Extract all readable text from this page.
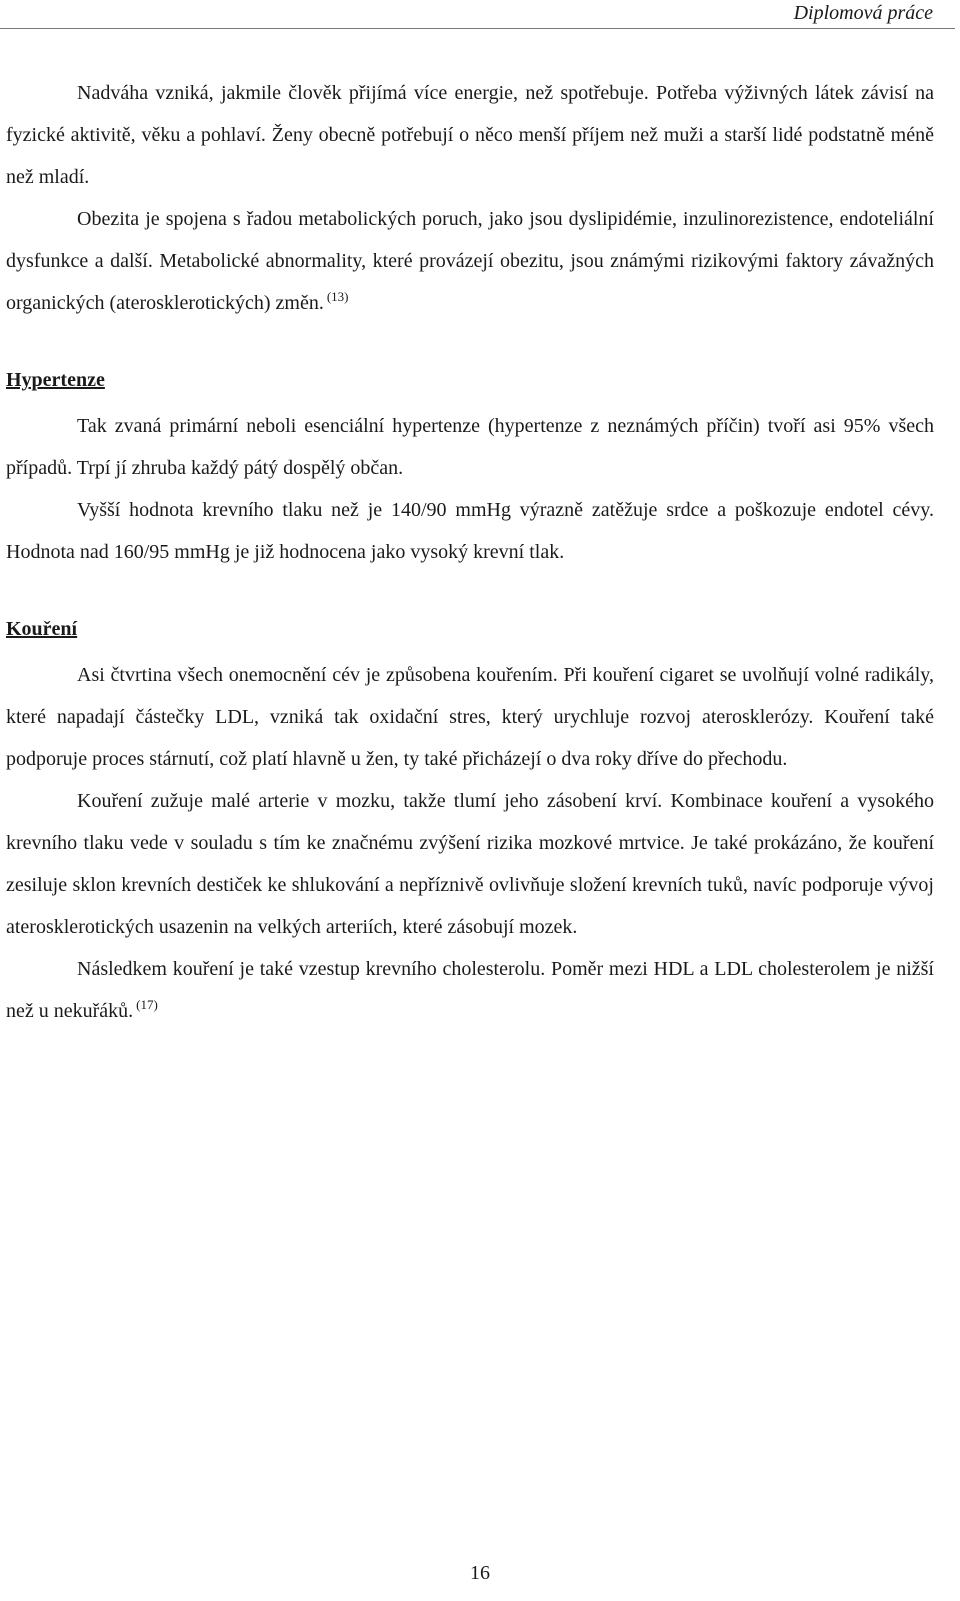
Diplomová práce

Nadváha vzniká, jakmile člověk přijímá více energie, než spotřebuje. Potřeba výživných látek závisí na fyzické aktivitě, věku a pohlaví. Ženy obecně potřebují o něco menší příjem než muži a starší lidé podstatně méně než mladí.

Obezita je spojena s řadou metabolických poruch, jako jsou dyslipidémie, inzulinorezistence, endoteliální dysfunkce a další. Metabolické abnormality, které provázejí obezitu, jsou známými rizikovými faktory závažných organických (aterosklerotických) změn. $^{(13)}$

Hypertenze

Tak zvaná primární neboli esenciální hypertenze (hypertenze z neznámých příčin) tvoří asi 95% všech případů. Trpí jí zhruba každý pátý dospělý občan.

Vyšší hodnota krevního tlaku než je 140/90 mmHg výrazně zatěžuje srdce a poškozuje endotel cévy. Hodnota nad 160/95 mmHg je již hodnocena jako vysoký krevní tlak.

Kouření

Asi čtvrtina všech onemocnění cév je způsobena kouřením. Při kouření cigaret se uvolňují volné radikály, které napadají částečky LDL, vzniká tak oxidační stres, který urychluje rozvoj aterosklerózy. Kouření také podporuje proces stárnutí, což platí hlavně u žen, ty také přicházejí o dva roky dříve do přechodu.

Kouření zužuje malé arterie v mozku, takže tlumí jeho zásobení krví. Kombinace kouření a vysokého krevního tlaku vede v souladu s tím ke značnému zvýšení rizika mozkové mrtvice. Je také prokázáno, že kouření zesiluje sklon krevních destiček ke shlukování a nepříznivě ovlivňuje složení krevních tuků, navíc podporuje vývoj aterosklerotických usazenin na velkých arteriích, které zásobují mozek.

Následkem kouření je také vzestup krevního cholesterolu. Poměr mezi HDL a LDL cholesterolem je nižší než u nekuřáků. $^{(17)}$

16
